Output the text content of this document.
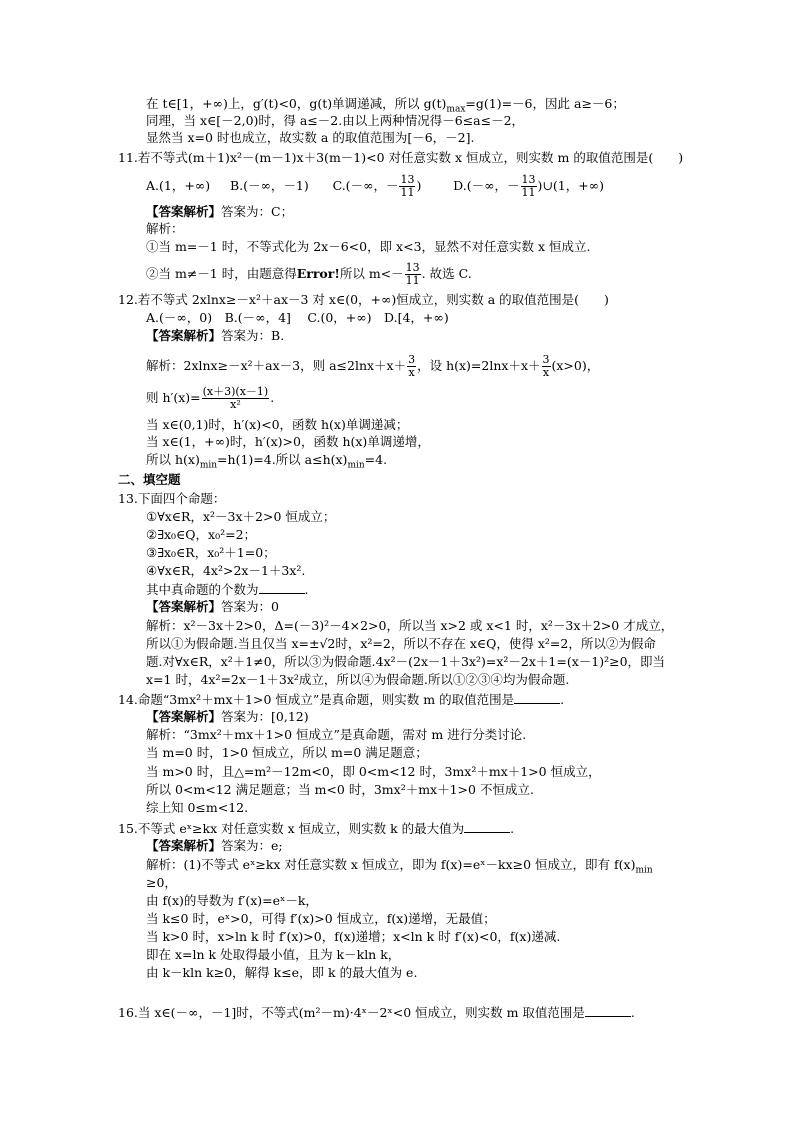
在 t∈[1，+∞)上，g′(t)<0，g(t)单调递减，所以 $g(t)_{max}=g(1)=-6$，因此 a≥－6；
同理，当 x∈[－2,0)时，得 a≤－2.由以上两种情况得－6≤a≤－2，
显然当 x=0 时也成立，故实数 a 的取值范围为[－6，－2].
11.若不等式(m＋1)x²－(m－1)x＋3(m－1)<0 对任意实数 x 恒成立，则实数 m 的取值范围是(　　)
A.(1，+∞) B.(－∞，－1) C.(－∞，－ $\frac{13}{11}$ )	D.(－∞，－ $\frac{13}{11}$ )∪(1，+∞)
【答案解析】答案为：C；
解析：
①当 m=－1 时，不等式化为 2x－6<0，即 x<3，显然不对任意实数 x 恒成立.
②当 m≠－1 时，由题意得Error!所以 $m<- \frac{13}{11}$ . 故选 C.
12.若不等式 2xlnx≥－x²＋ax－3 对 x∈(0，+∞)恒成立，则实数 a 的取值范围是(　　)
A.(－∞，0)　B.(－∞，4]　 C.(0，+∞)　D.[4，+∞)
【答案解析】答案为：B.
解析：2xlnx≥－x²＋ax－3，则 $a\le 2\ln x+x+ \frac{3}{x}$ ，设 $h(x)=2\ln x+x+ \frac{3}{x} (x>0)$，
则 $h'(x)= \frac{(x+3)(x-1)}{\text{x²}}$ .
当 x∈(0,1)时，h′(x)<0，函数 h(x)单调递减；
当 x∈(1，+∞)时，h′(x)>0，函数 h(x)单调递增，
所以 $h(x)_{min}=h(1)=4$.所以 $a\le h(x)_{min}=4$.
二、填空题
13.下面四个命题：
①∀x∈R，x²－3x＋2>0 恒成立；
②∃x₀∈Q，x₀²=2；
③∃x₀∈R，x₀²＋1=0；
④∀x∈R，4x²>2x－1＋3x².
其中真命题的个数为	.
【答案解析】答案为：0
解析：x²－3x＋2>0，Δ=(－3)²－4×2>0，所以当 x>2 或 x<1 时，x²－3x＋2>0 才成立，
所以①为假命题.当且仅当 x=±√2时，x²=2，所以不存在 x∈Q，使得 x²=2，所以②为假命
题.对∀x∈R，x²＋1≠0，所以③为假命题.4x²－(2x－1＋3x²)=x²－2x＋1=(x－1)²≥0，即当
x=1 时，4x²=2x－1＋3x²成立，所以④为假命题.所以①②③④均为假命题.
14.命题“3mx²＋mx＋1>0 恒成立”是真命题，则实数 m 的取值范围是	.
【答案解析】答案为：[0,12)
解析：“3mx²＋mx＋1>0 恒成立”是真命题，需对 m 进行分类讨论.
当 m=0 时，1>0 恒成立，所以 m=0 满足题意；
当 m>0 时，且△=m²－12m<0，即 0<m<12 时，3mx²＋mx＋1>0 恒成立，
所以 0<m<12 满足题意；当 m<0 时，3mx²＋mx＋1>0 不恒成立.
综上知 0≤m<12.
15.不等式 eˣ≥kx 对任意实数 x 恒成立，则实数 k 的最大值为	.
【答案解析】答案为：e;
解析：(1)不等式 eˣ≥kx 对任意实数 x 恒成立，即为 f(x)=eˣ－kx≥0 恒成立，即有 $f(x)_{min}$
≥0，
由 f(x)的导数为 f′(x)=eˣ－k，
当 k≤0 时，eˣ>0，可得 f′(x)>0 恒成立，f(x)递增，无最值；
当 k>0 时，x>ln k 时 f′(x)>0，f(x)递增；x<ln k 时 f′(x)<0，f(x)递减.
即在 x=ln k 处取得最小值，且为 k－kln k，
由 k－kln k≥0，解得 k≤e，即 k 的最大值为 e.
16.当 x∈(－∞，－1]时，不等式(m²－m)·4ˣ－2ˣ<0 恒成立，则实数 m 取值范围是	.
